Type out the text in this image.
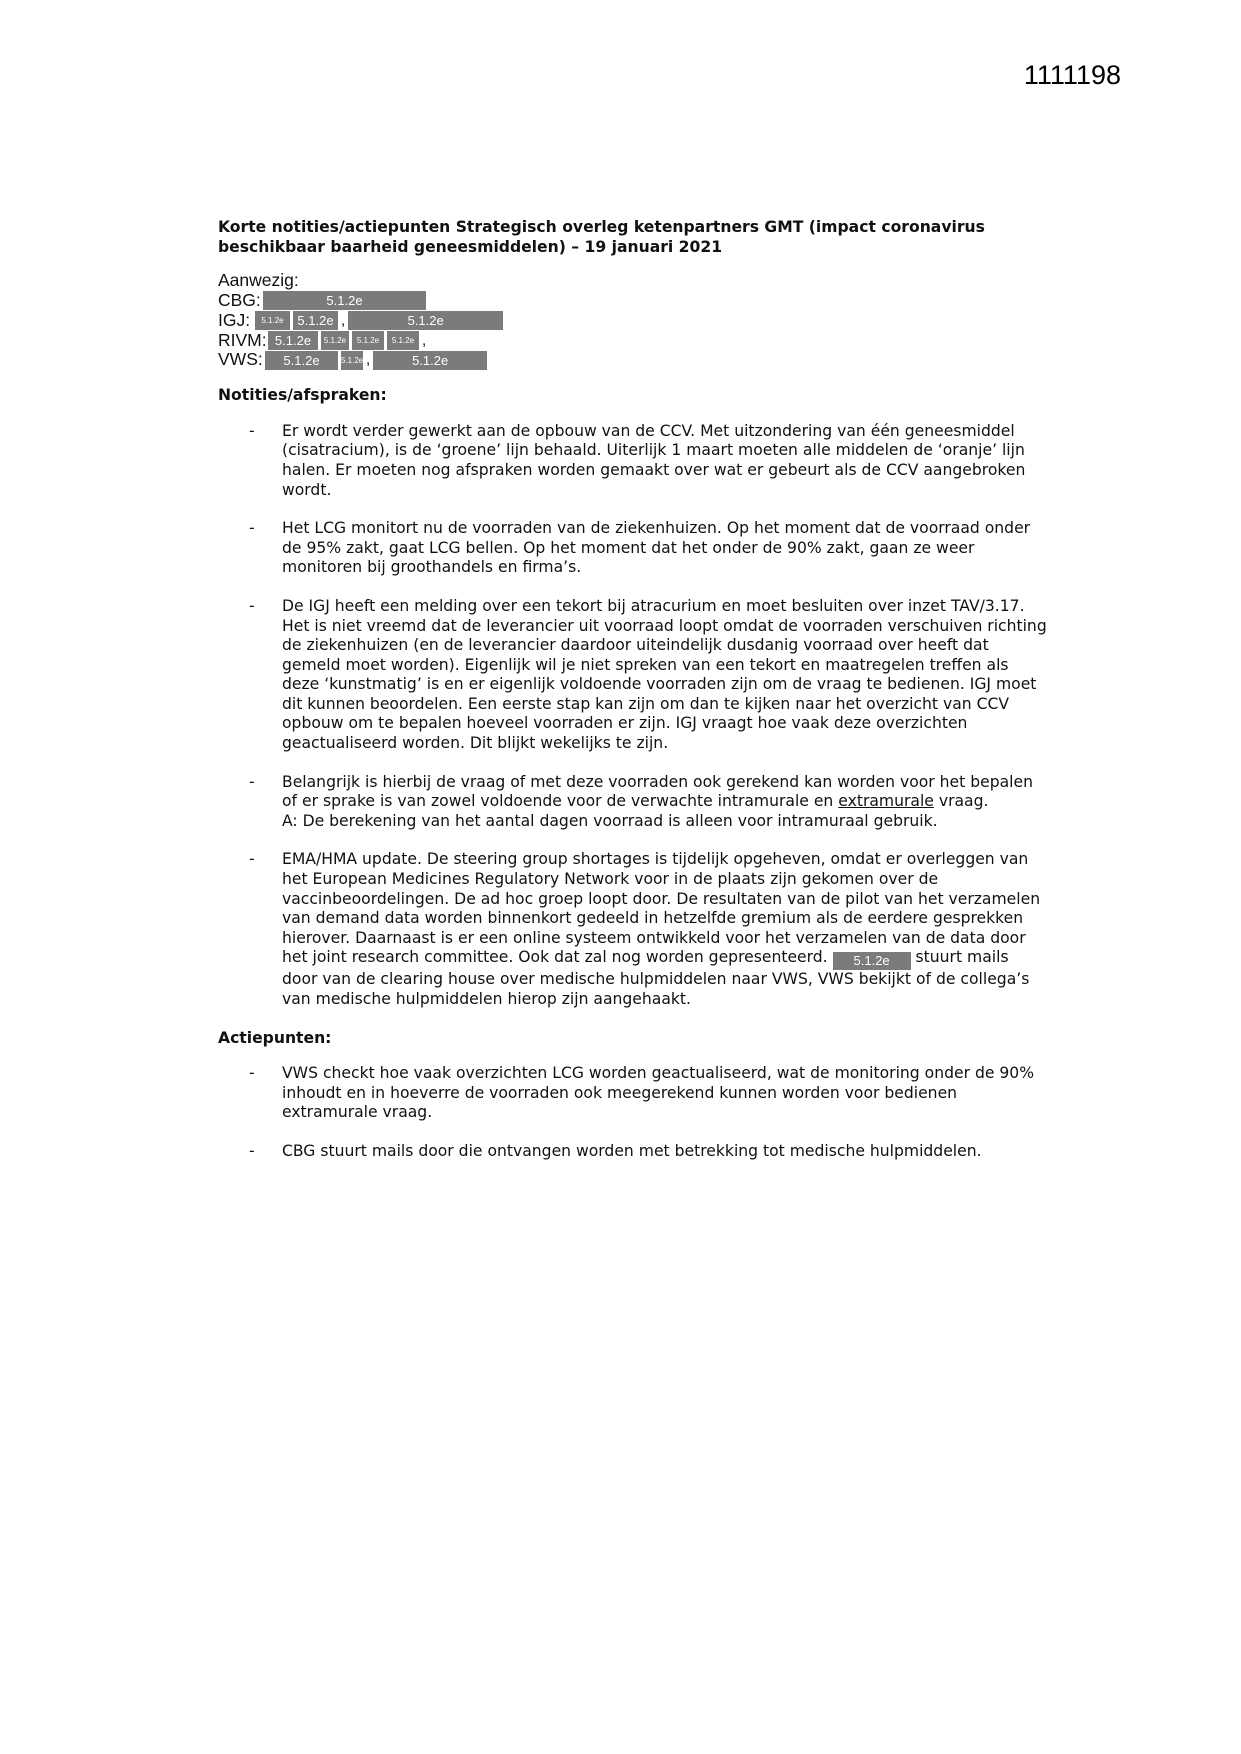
1111198
Korte notities/actiepunten Strategisch overleg ketenpartners GMT (impact coronavirus beschikbaar baarheid geneesmiddelen) – 19 januari 2021
Aanwezig:
CBG:	5.1.2e
IGJ:	5.1.2e	5.1.2e ,	5.1.2e
RIVM: 5.1.2e	5.1.2e	5.1.2e	5.1.2e ,
VWS:	5.1.2e	5.1.2e ,	5.1.2e
Notities/afspraken:
- Er wordt verder gewerkt aan de opbouw van de CCV. Met uitzondering van één geneesmiddel (cisatracium), is de ‘groene’ lijn behaald. Uiterlijk 1 maart moeten alle middelen de ‘oranje’ lijn halen. Er moeten nog afspraken worden gemaakt over wat er gebeurt als de CCV aangebroken wordt.
- Het LCG monitort nu de voorraden van de ziekenhuizen. Op het moment dat de voorraad onder de 95% zakt, gaat LCG bellen. Op het moment dat het onder de 90% zakt, gaan ze weer monitoren bij groothandels en firma’s.
- De IGJ heeft een melding over een tekort bij atracurium en moet besluiten over inzet TAV/3.17. Het is niet vreemd dat de leverancier uit voorraad loopt omdat de voorraden verschuiven richting de ziekenhuizen (en de leverancier daardoor uiteindelijk dusdanig voorraad over heeft dat gemeld moet worden). Eigenlijk wil je niet spreken van een tekort en maatregelen treffen als deze ‘kunstmatig’ is en er eigenlijk voldoende voorraden zijn om de vraag te bedienen. IGJ moet dit kunnen beoordelen. Een eerste stap kan zijn om dan te kijken naar het overzicht van CCV opbouw om te bepalen hoeveel voorraden er zijn. IGJ vraagt hoe vaak deze overzichten geactualiseerd worden. Dit blijkt wekelijks te zijn.
- Belangrijk is hierbij de vraag of met deze voorraden ook gerekend kan worden voor het bepalen of er sprake is van zowel voldoende voor de verwachte intramurale en extramurale vraag.
A: De berekening van het aantal dagen voorraad is alleen voor intramuraal gebruik.
- EMA/HMA update. De steering group shortages is tijdelijk opgeheven, omdat er overleggen van het European Medicines Regulatory Network voor in de plaats zijn gekomen over de vaccinbeoordelingen. De ad hoc groep loopt door. De resultaten van de pilot van het verzamelen van demand data worden binnenkort gedeeld in hetzelfde gremium als de eerdere gesprekken hierover. Daarnaast is er een online systeem ontwikkeld voor het verzamelen van de data door het joint research committee. Ook dat zal nog worden gepresenteerd. 5.1.2e stuurt mails door van de clearing house over medische hulpmiddelen naar VWS, VWS bekijkt of de collega’s van medische hulpmiddelen hierop zijn aangehaakt.
Actiepunten:
- VWS checkt hoe vaak overzichten LCG worden geactualiseerd, wat de monitoring onder de 90% inhoudt en in hoeverre de voorraden ook meegerekend kunnen worden voor bedienen extramurale vraag.
- CBG stuurt mails door die ontvangen worden met betrekking tot medische hulpmiddelen.
